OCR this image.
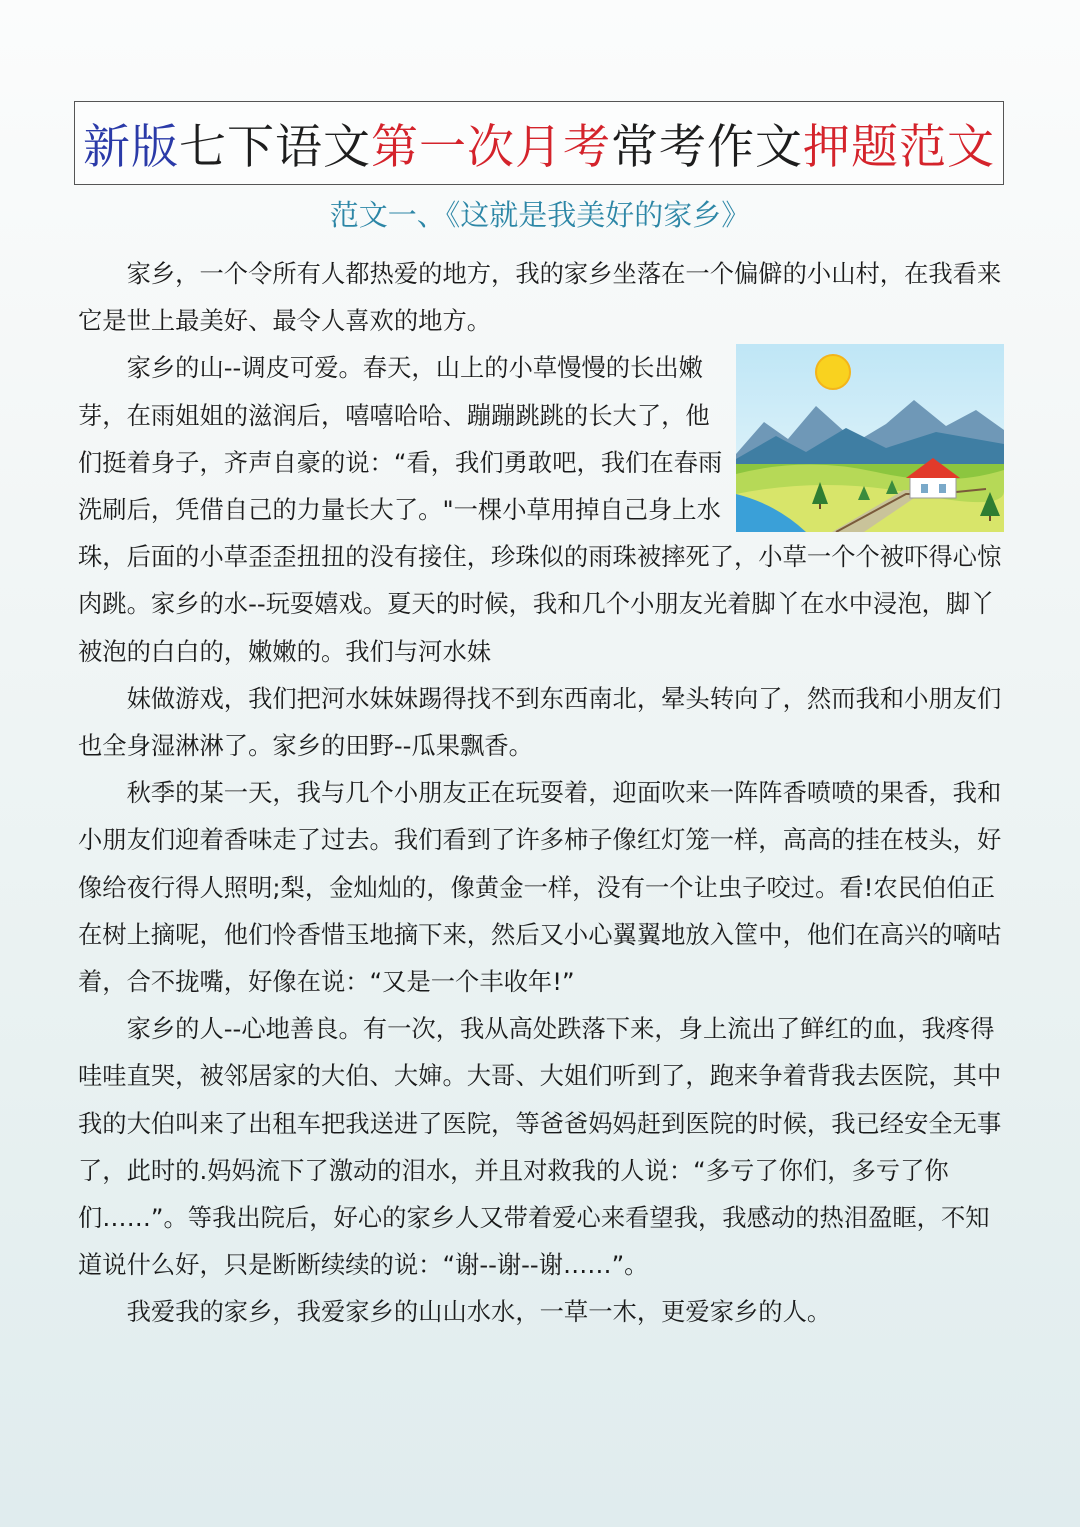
新版 七下语文 第一次月考 常考作文 押题范文
范文一、《这就是我美好的家乡》

家乡，一个令所有人都热爱的地方，我的家乡坐落在一个偏僻的小山村，在我看来它是世上最美好、最令人喜欢的地方。

家乡的山--调皮可爱。春天，山上的小草慢慢的长出嫩芽，在雨姐姐的滋润后，嘻嘻哈哈、蹦蹦跳跳的长大了，他们挺着身子，齐声自豪的说：“看，我们勇敢吧，我们在春雨洗刷后，凭借自己的力量长大了。"一棵小草用掉自己身上水珠，后面的小草歪歪扭扭的没有接住，珍珠似的雨珠被摔死了，小草一个个被吓得心惊肉跳。家乡的水--玩耍嬉戏。夏天的时候，我和几个小朋友光着脚丫在水中浸泡，脚丫被泡的白白的，嫩嫩的。我们与河水妹

妹做游戏，我们把河水妹妹踢得找不到东西南北，晕头转向了，然而我和小朋友们也全身湿淋淋了。家乡的田野--瓜果飘香。

秋季的某一天，我与几个小朋友正在玩耍着，迎面吹来一阵阵香喷喷的果香，我和小朋友们迎着香味走了过去。我们看到了许多柿子像红灯笼一样，高高的挂在枝头，好像给夜行得人照明;梨，金灿灿的，像黄金一样，没有一个让虫子咬过。看!农民伯伯正在树上摘呢，他们怜香惜玉地摘下来，然后又小心翼翼地放入筐中，他们在高兴的嘀咕着，合不拢嘴，好像在说：“又是一个丰收年!”

家乡的人--心地善良。有一次，我从高处跌落下来，身上流出了鲜红的血，我疼得哇哇直哭，被邻居家的大伯、大婶。大哥、大姐们听到了，跑来争着背我去医院，其中我的大伯叫来了出租车把我送进了医院，等爸爸妈妈赶到医院的时候，我已经安全无事了，此时的.妈妈流下了激动的泪水，并且对救我的人说：“多亏了你们，多亏了你们……”。等我出院后，好心的家乡人又带着爱心来看望我，我感动的热泪盈眶，不知道说什么好，只是断断续续的说：“谢--谢--谢……”。

我爱我的家乡，我爱家乡的山山水水，一草一木，更爱家乡的人。
